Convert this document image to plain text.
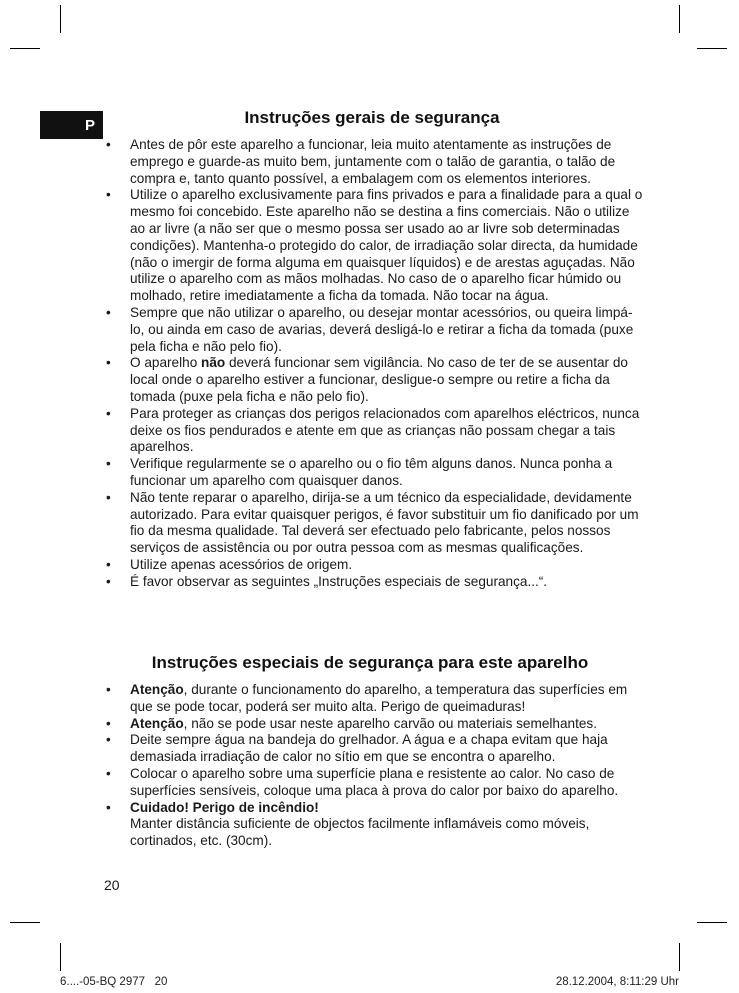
P	Instruções gerais de segurança
•	Antes de pôr este aparelho a funcionar, leia muito atentamente as instruções de emprego e guarde-as muito bem, juntamente com o talão de garantia, o talão de compra e, tanto quanto possível, a embalagem com os elementos interiores.

•	Utilize o aparelho exclusivamente para fins privados e para a finalidade para a qual o mesmo foi concebido. Este aparelho não se destina a fins comerciais. Não o utilize ao ar livre (a não ser que o mesmo possa ser usado ao ar livre sob determinadas condições). Mantenha-o protegido do calor, de irradiação solar directa, da humidade (não o imergir de forma alguma em quaisquer líquidos) e de arestas aguçadas. Não utilize o aparelho com as mãos molhadas. No caso de o aparelho ficar húmido ou molhado, retire imediatamente a ficha da tomada. Não tocar na água.

•	Sempre que não utilizar o aparelho, ou desejar montar acessórios, ou queira limpá-lo, ou ainda em caso de avarias, deverá desligá-lo e retirar a ficha da tomada (puxe pela ficha e não pelo fio).

•	O aparelho não deverá funcionar sem vigilância. No caso de ter de se ausentar do local onde o aparelho estiver a funcionar, desligue-o sempre ou retire a ficha da tomada (puxe pela ficha e não pelo fio).

•	Para proteger as crianças dos perigos relacionados com aparelhos eléctricos, nunca deixe os fios pendurados e atente em que as crianças não possam chegar a tais aparelhos.

•	Verifique regularmente se o aparelho ou o fio têm alguns danos. Nunca ponha a funcionar um aparelho com quaisquer danos.

•	Não tente reparar o aparelho, dirija-se a um técnico da especialidade, devidamente autorizado. Para evitar quaisquer perigos, é favor substituir um fio danificado por um fio da mesma qualidade. Tal deverá ser efectuado pelo fabricante, pelos nossos serviços de assistência ou por outra pessoa com as mesmas qualificações.

•	Utilize apenas acessórios de origem.

•	É favor observar as seguintes „Instruções especiais de segurança...“.

Instruções especiais de segurança para este aparelho
•	Atenção, durante o funcionamento do aparelho, a temperatura das superfícies em que se pode tocar, poderá ser muito alta. Perigo de queimaduras!

•	Atenção, não se pode usar neste aparelho carvão ou materiais semelhantes.

•	Deite sempre água na bandeja do grelhador. A água e a chapa evitam que haja demasiada irradiação de calor no sítio em que se encontra o aparelho.

•	Colocar o aparelho sobre uma superfície plana e resistente ao calor. No caso de superfícies sensíveis, coloque uma placa à prova do calor por baixo do aparelho.

•	Cuidado! Perigo de incêndio!
Manter distância suficiente de objectos facilmente inflamáveis como móveis, cortinados, etc. (30cm).

20
6....-05-BQ 2977   20	28.12.2004, 8:11:29 Uhr
